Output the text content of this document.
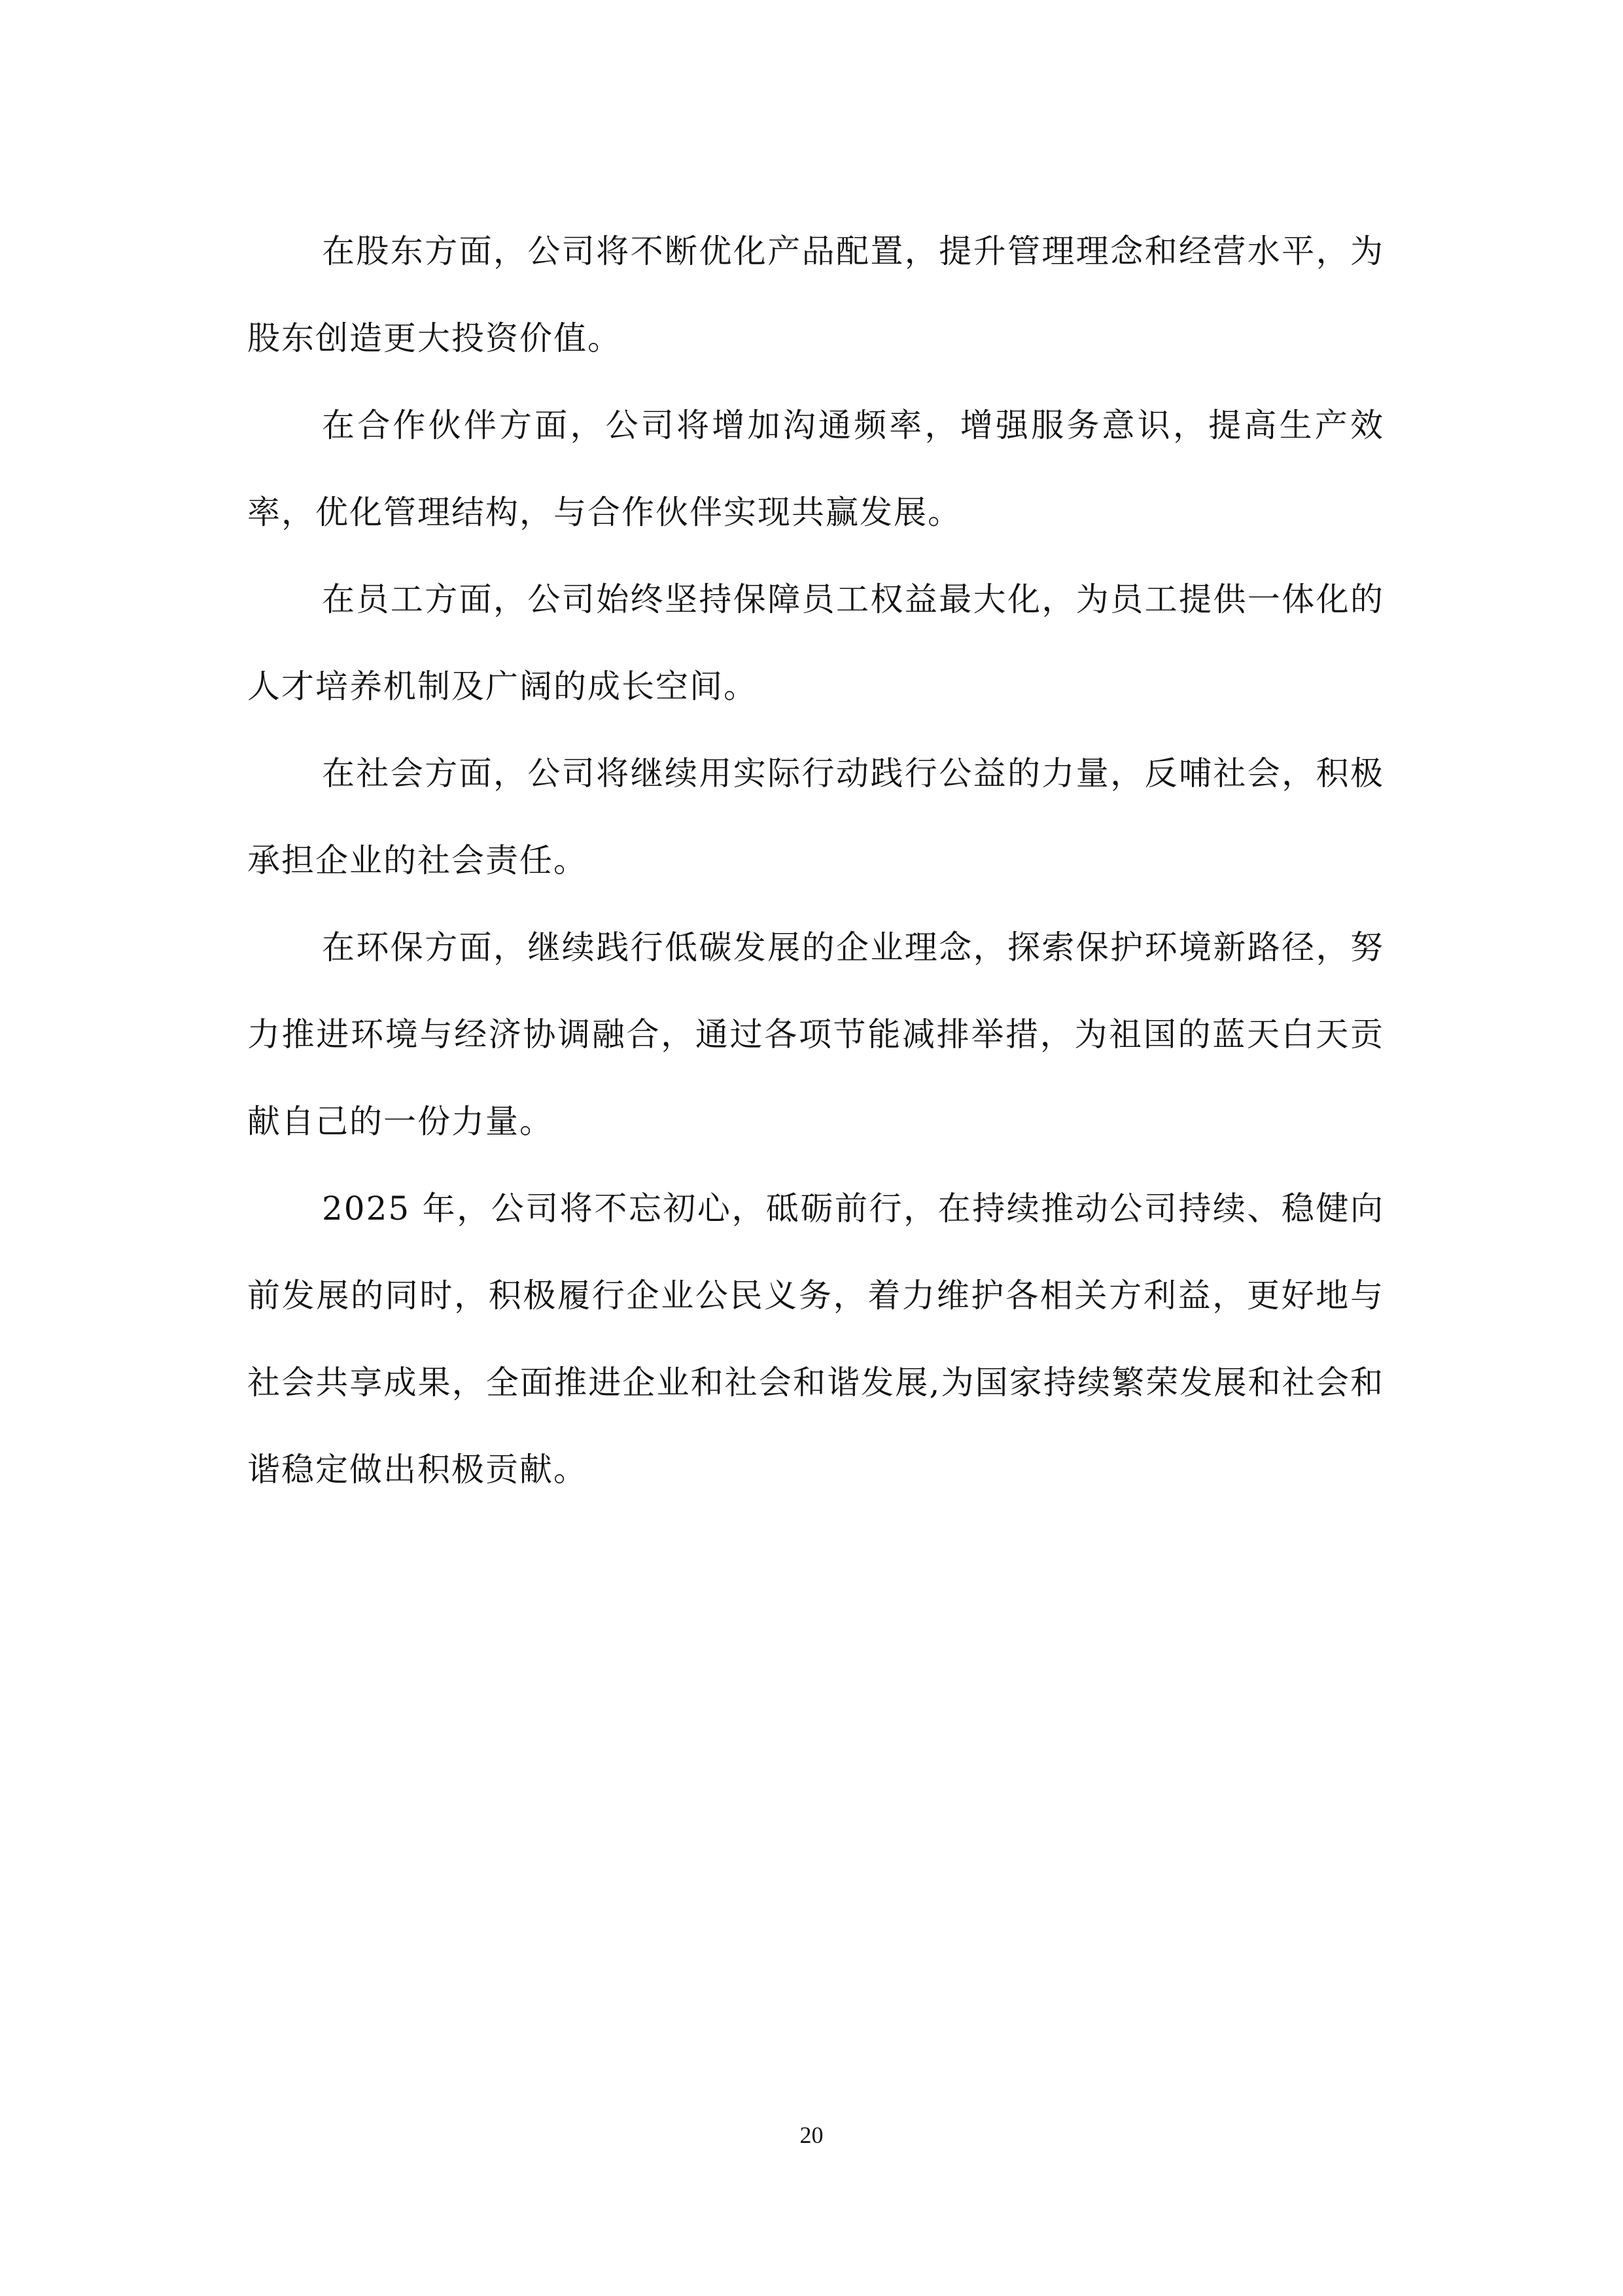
在股东方面，公司将不断优化产品配置，提升管理理念和经营水平，为股东创造更大投资价值。

在合作伙伴方面，公司将增加沟通频率，增强服务意识，提高生产效率，优化管理结构，与合作伙伴实现共赢发展。

在员工方面，公司始终坚持保障员工权益最大化，为员工提供一体化的人才培养机制及广阔的成长空间。

在社会方面，公司将继续用实际行动践行公益的力量，反哺社会，积极承担企业的社会责任。

在环保方面，继续践行低碳发展的企业理念，探索保护环境新路径，努力推进环境与经济协调融合，通过各项节能减排举措，为祖国的蓝天白天贡献自己的一份力量。

2025 年，公司将不忘初心，砥砺前行，在持续推动公司持续、稳健向前发展的同时，积极履行企业公民义务，着力维护各相关方利益，更好地与社会共享成果，全面推进企业和社会和谐发展,为国家持续繁荣发展和社会和谐稳定做出积极贡献。

20
